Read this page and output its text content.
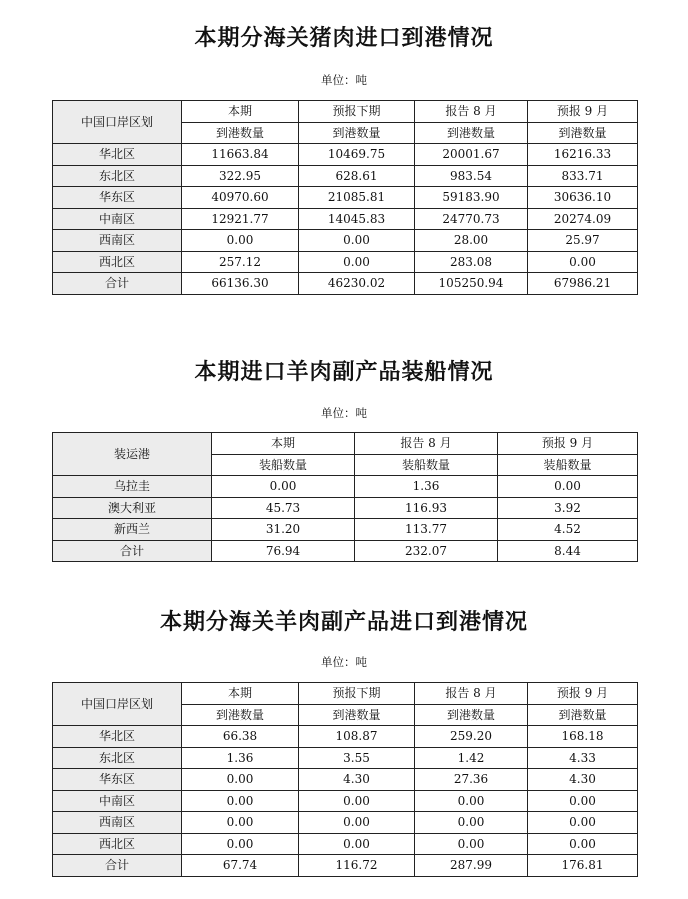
本期分海关猪肉进口到港情况
单位：吨
中国口岸区划	本期	预报下期	报告 8 月	预报 9 月
	到港数量	到港数量	到港数量	到港数量
华北区	11663.84	10469.75	20001.67	16216.33
东北区	322.95	628.61	983.54	833.71
华东区	40970.60	21085.81	59183.90	30636.10
中南区	12921.77	14045.83	24770.73	20274.09
西南区	0.00	0.00	28.00	25.97
西北区	257.12	0.00	283.08	0.00
合计	66136.30	46230.02	105250.94	67986.21
本期进口羊肉副产品装船情况
单位：吨
装运港	本期	报告 8 月	预报 9 月
	装船数量	装船数量	装船数量
乌拉圭	0.00	1.36	0.00
澳大利亚	45.73	116.93	3.92
新西兰	31.20	113.77	4.52
合计	76.94	232.07	8.44
本期分海关羊肉副产品进口到港情况
单位：吨
中国口岸区划	本期	预报下期	报告 8 月	预报 9 月
	到港数量	到港数量	到港数量	到港数量
华北区	66.38	108.87	259.20	168.18
东北区	1.36	3.55	1.42	4.33
华东区	0.00	4.30	27.36	4.30
中南区	0.00	0.00	0.00	0.00
西南区	0.00	0.00	0.00	0.00
西北区	0.00	0.00	0.00	0.00
合计	67.74	116.72	287.99	176.81
